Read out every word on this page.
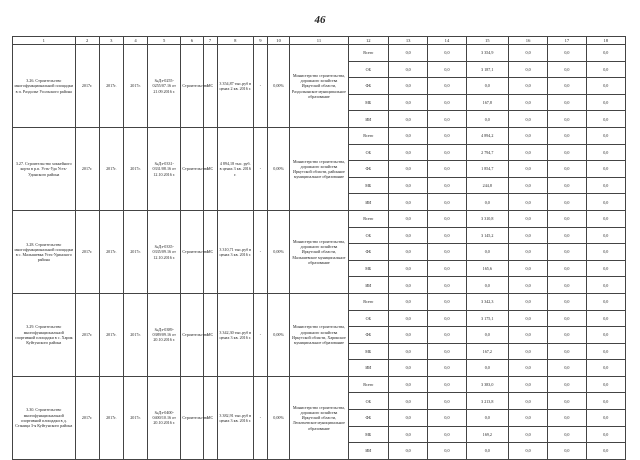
46
1	2	3	4	5	6	7	8	9	10	11	12	13	14	15	16	17	18
3.26. Строительство многофункциональной площадки в п. Раздолье Усольского района	2017г.	2017г.	2017г.	№Дз-0255-0255/07.16 от 21.09.2016 г.	Строительство	МС	3 354,87 тыс.руб в ценах 2 кв. 2016 г.	-	0,00%	Министерство строительства, дорожного хозяйства Иркутской области, Раздольинское муниципальное образование	Всего	0,0	0,0	3 354,9	0,0	0,0	0,0
											ОБ	0,0	0,0	3 187,1	0,0	0,0	0,0
											ФБ	0,0	0,0	0,0	0,0	0,0	0,0
											МБ	0,0	0,0	167,8	0,0	0,0	0,0
											ИИ	0,0	0,0	0,0	0,0	0,0	0,0
3.27. Строительство хоккейного корта в р.п. Усть-Уда Усть-Удинского района	2017г.	2017г.	2017г.	№Дз-0331-0331/08.16 от 12.10.2016 г.	Строительство	МС	4 894,18 тыс. руб. в ценах 3 кв. 2016 г.	-	0,00%	Министерство строительства, дорожного хозяйства Иркутской области, районное муниципальное образование	Всего	0,0	0,0	4 894,2	0,0	0,0	0,0
											ОБ	0,0	0,0	2 794,7	0,0	0,0	0,0
											ФБ	0,0	0,0	1 854,7	0,0	0,0	0,0
											МБ	0,0	0,0	244,8	0,0	0,0	0,0
											ИИ	0,0	0,0	0,0	0,0	0,0	0,0
3.28. Строительство многофункциональной площадки в с. Малышевка Усть-Удинского района	2017г.	2017г.	2017г.	№Дз-0335-0335/09.16 от 12.10.2016 г.	Строительство	МС	3 310,71 тыс.руб в ценах 3 кв. 2016 г.	-	0,00%	Министерство строительства, дорожного хозяйства Иркутской области, Малышевское муниципальное образование	Всего	0,0	0,0	3 310,8	0,0	0,0	0,0
											ОБ	0,0	0,0	3 145,2	0,0	0,0	0,0
											ФБ	0,0	0,0	0,0	0,0	0,0	0,0
											МБ	0,0	0,0	165,6	0,0	0,0	0,0
											ИИ	0,0	0,0	0,0	0,0	0,0	0,0
3.29. Строительство многофункциональной спортивной площадки в с. Харик Куйтунского района	2017г.	2017г.	2017г.	№Дз-0389-0389/09.16 от 20.10.2016 г.	Строительство	МС	3 342,30 тыс.руб в ценах 3 кв. 2016 г.	-	0,00%	Министерство строительства, дорожного хозяйства Иркутской области, Харикское муниципальное образование	Всего	0,0	0,0	3 342,3	0,0	0,0	0,0
											ОБ	0,0	0,0	3 175,1	0,0	0,0	0,0
											ФБ	0,0	0,0	0,0	0,0	0,0	0,0
											МБ	0,0	0,0	167,2	0,0	0,0	0,0
											ИИ	0,0	0,0	0,0	0,0	0,0	0,0
3.30. Строительство многофункциональной спортивной площадки в д. Станица 3-я Куйтунского района	2017г.	2017г.	2017г.	№Дз-0400-0400/10.16 от 20.10.2016 г.	Строительство	МС	3 382,91 тыс.руб в ценах 3 кв. 2016 г.	-	0,00%	Министерство строительства, дорожного хозяйства Иркутской области, Леонтьевское муниципальное образование	Всего	0,0	0,0	3 383,0	0,0	0,0	0,0
											ОБ	0,0	0,0	3 213,8	0,0	0,0	0,0
											ФБ	0,0	0,0	0,0	0,0	0,0	0,0
											МБ	0,0	0,0	169,2	0,0	0,0	0,0
											ИИ	0,0	0,0	0,0	0,0	0,0	0,0
